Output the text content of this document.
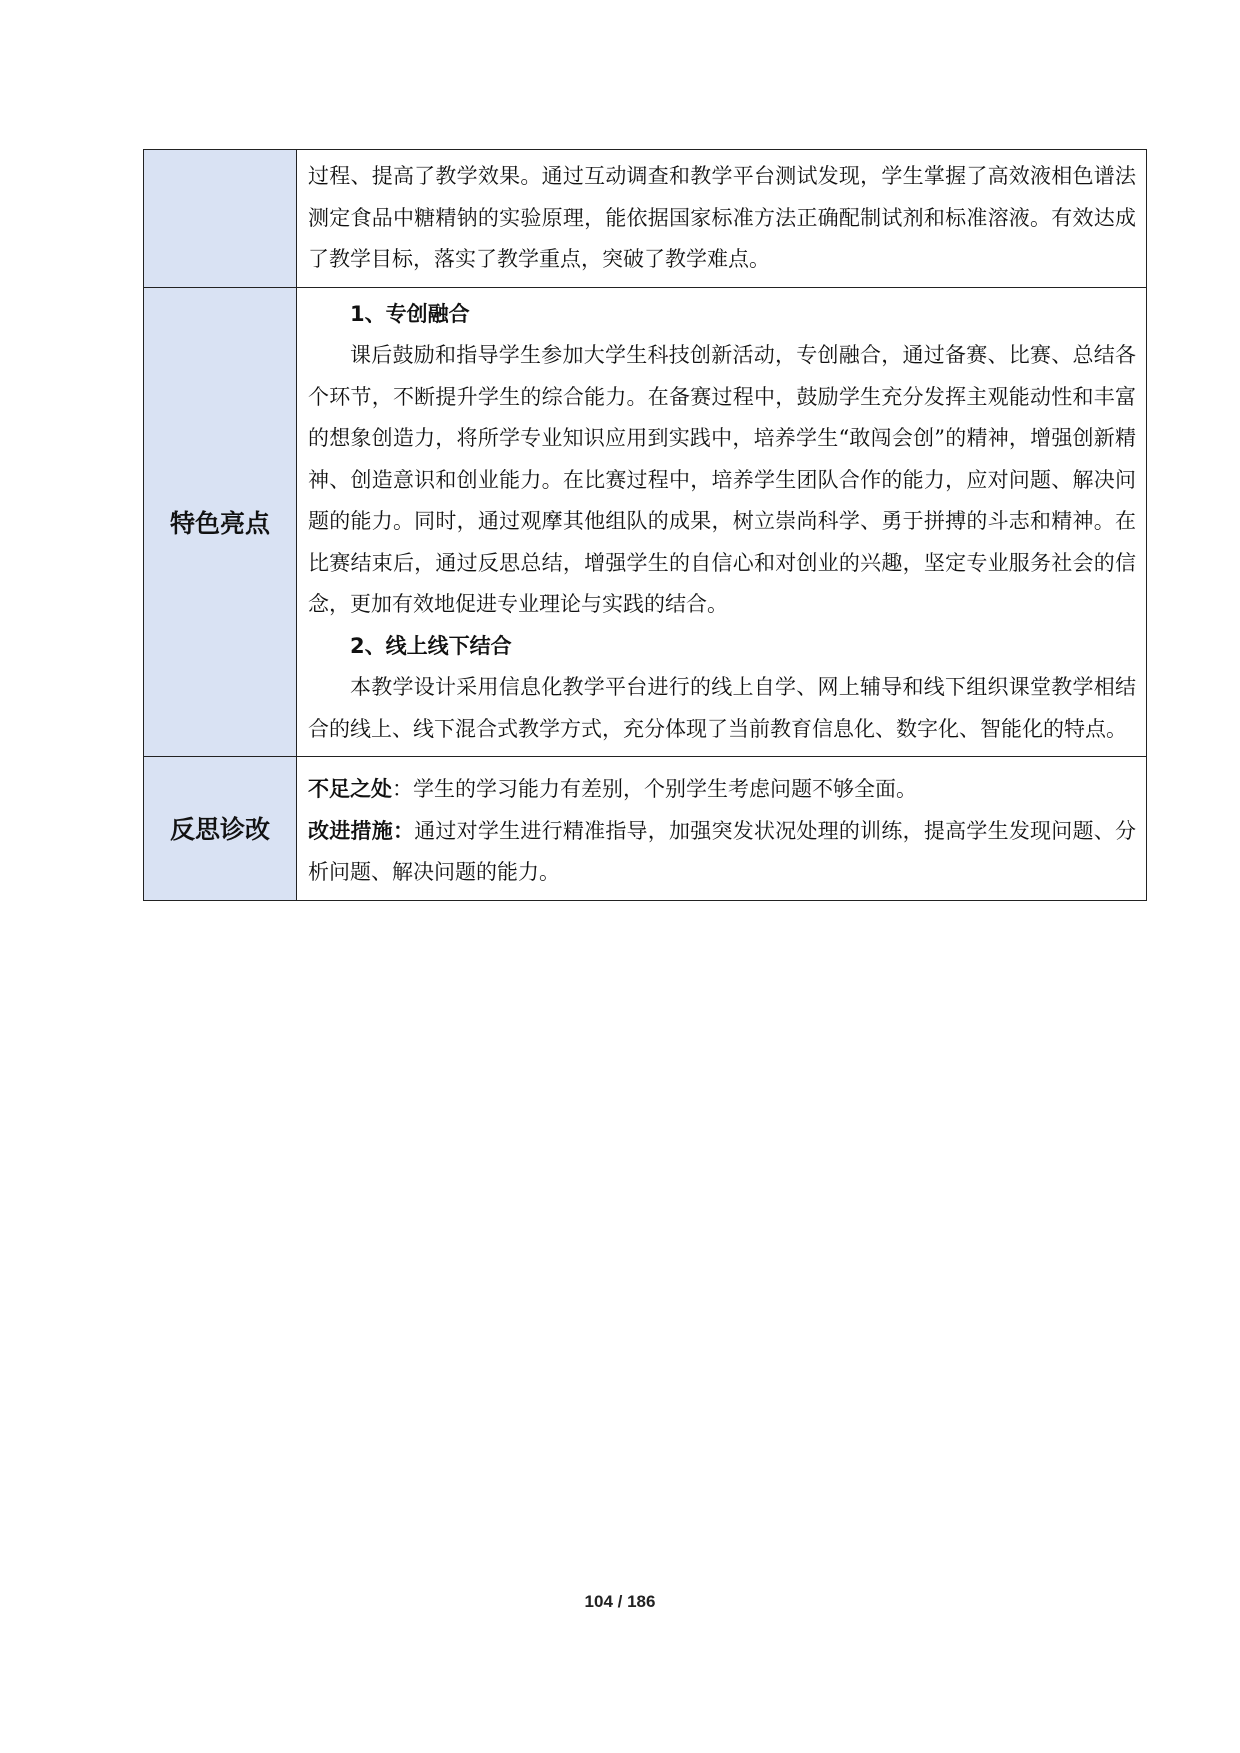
	过程、提高了教学效果。通过互动调查和教学平台测试发现，学生掌握了高效液相色谱法测定食品中糖精钠的实验原理，能依据国家标准方法正确配制试剂和标准溶液。有效达成了教学目标，落实了教学重点，突破了教学难点。

特色亮点	1、专创融合

课后鼓励和指导学生参加大学生科技创新活动，专创融合，通过备赛、比赛、总结各个环节，不断提升学生的综合能力。在备赛过程中，鼓励学生充分发挥主观能动性和丰富的想象创造力，将所学专业知识应用到实践中，培养学生“敢闯会创”的精神，增强创新精神、创造意识和创业能力。在比赛过程中，培养学生团队合作的能力，应对问题、解决问题的能力。同时，通过观摩其他组队的成果，树立崇尚科学、勇于拼搏的斗志和精神。在比赛结束后，通过反思总结，增强学生的自信心和对创业的兴趣，坚定专业服务社会的信念，更加有效地促进专业理论与实践的结合。

2、线上线下结合

本教学设计采用信息化教学平台进行的线上自学、网上辅导和线下组织课堂教学相结合的线上、线下混合式教学方式，充分体现了当前教育信息化、数字化、智能化的特点。

反思诊改	不足之处：学生的学习能力有差别，个别学生考虑问题不够全面。

改进措施：通过对学生进行精准指导，加强突发状况处理的训练，提高学生发现问题、分析问题、解决问题的能力。

104 / 186
